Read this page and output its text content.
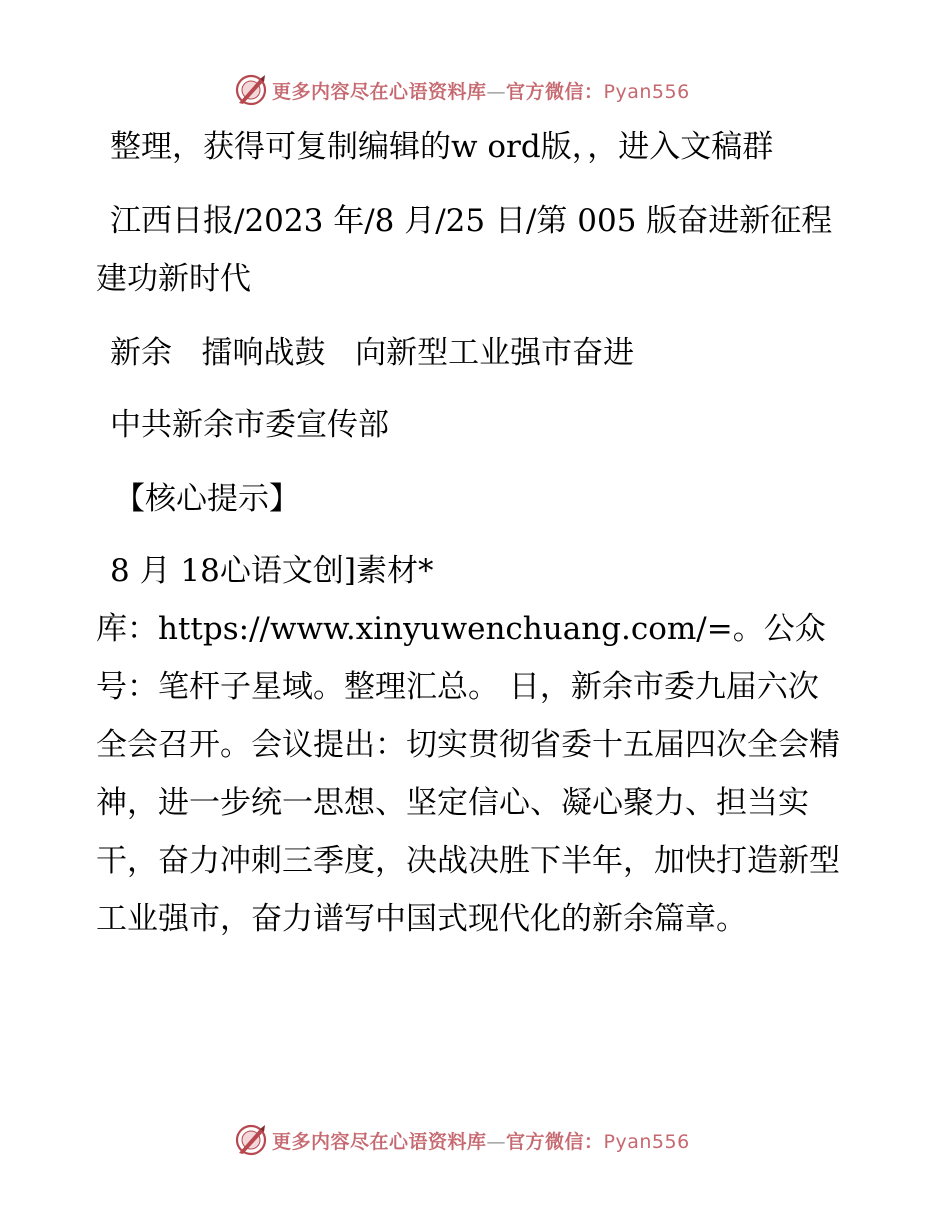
更多内容尽在心语资料库—官方微信：Pyan556

整理，获得可复制编辑的w ord版，，进入文稿群

江西日报/2023 年/8 月/25 日/第 005 版奋进新征程 建功新时代

新余   擂响战鼓   向新型工业强市奋进

中共新余市委宣传部

【核心提示】

8 月 18心语文创]素材*

库：https://www.xinyuwenchuang.com/=。公众号：笔杆子星域。整理汇总。 日，新余市委九届六次全会召开。会议提出：切实贯彻省委十五届四次全会精神，进一步统一思想、坚定信心、凝心聚力、担当实干，奋力冲刺三季度，决战决胜下半年，加快打造新型工业强市，奋力谱写中国式现代化的新余篇章。

更多内容尽在心语资料库—官方微信：Pyan556
